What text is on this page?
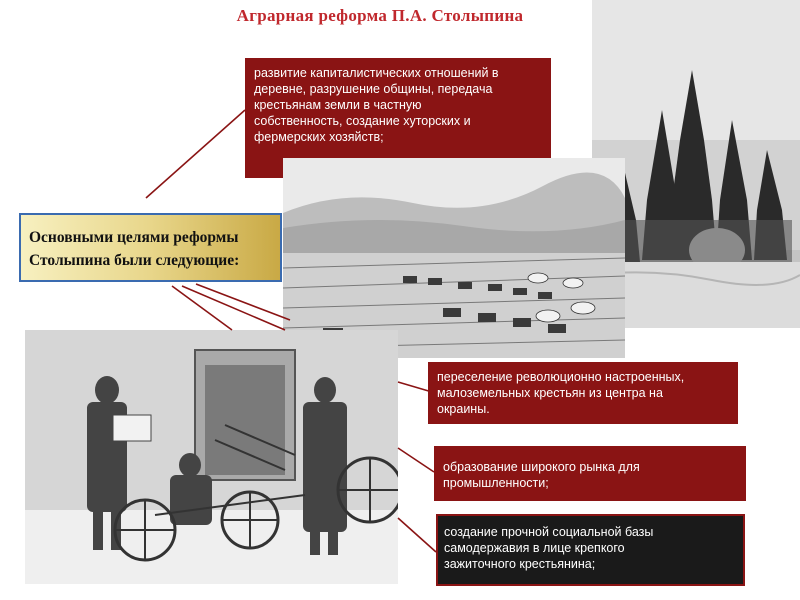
Аграрная реформа П.А. Столыпина
развитие капиталистических отношений в
деревне, разрушение общины, передача
крестьянам земли в частную
собственность, создание хуторских и
фермерских хозяйств;
Основными целями реформы
Столыпина были следующие:
переселение революционно настроенных,
малоземельных крестьян из центра на
окраины.
образование широкого рынка для
промышленности;
создание прочной социальной базы
самодержавия в лице крепкого
зажиточного крестьянина;
